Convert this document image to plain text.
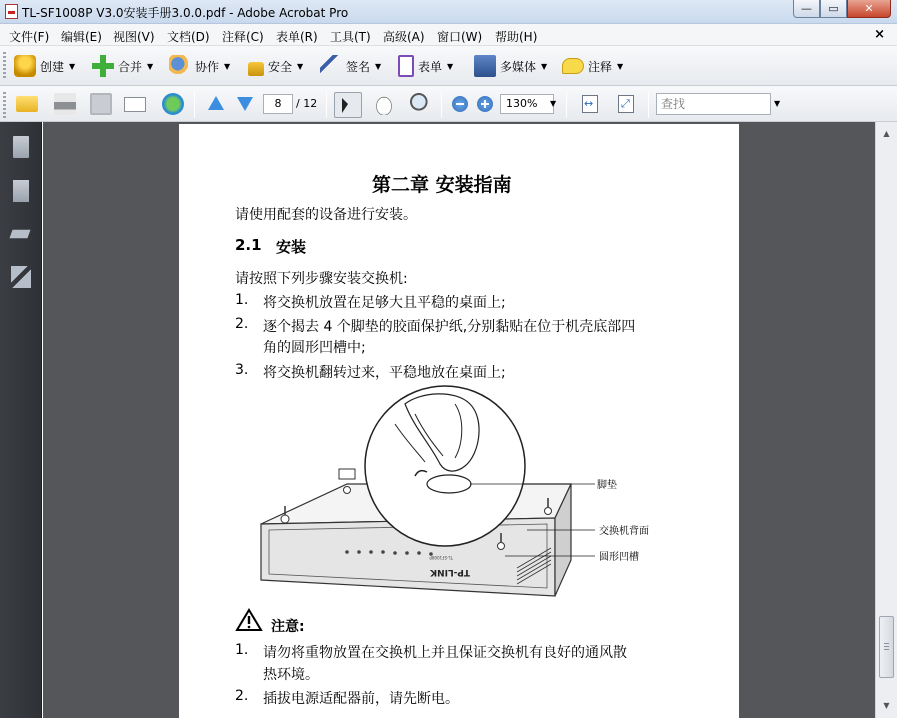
TL-SF1008P V3.0安装手册3.0.0.pdf - Adobe Acrobat Pro	—	▭	✕
文件(F) 编辑(E) 视图(V) 文档(D) 注释(C) 表单(R) 工具(T) 高级(A) 窗口(W) 帮助(H)	×
创建 ▼	合并 ▼	协作 ▼	安全 ▼	签名 ▼	表单 ▼	多媒体 ▼	注释 ▼
8	/ 12	130%	▼ ↔ ⤢	查找	▼
第二章 安装指南
请使用配套的设备进行安装。
2.1 安装
请按照下列步骤安装交换机:
1. 将交换机放置在足够大且平稳的桌面上;
2. 逐个揭去 4 个脚垫的胶面保护纸,分别黏贴在位于机壳底部四
角的圆形凹槽中;
3. 将交换机翻转过来，平稳地放在桌面上;
TP-LINK
TL-SF1008P
脚垫
交换机背面
圆形凹槽
注意:
1. 请勿将重物放置在交换机上并且保证交换机有良好的通风散
热环境。
2. 插拔电源适配器前，请先断电。
▲
▼
